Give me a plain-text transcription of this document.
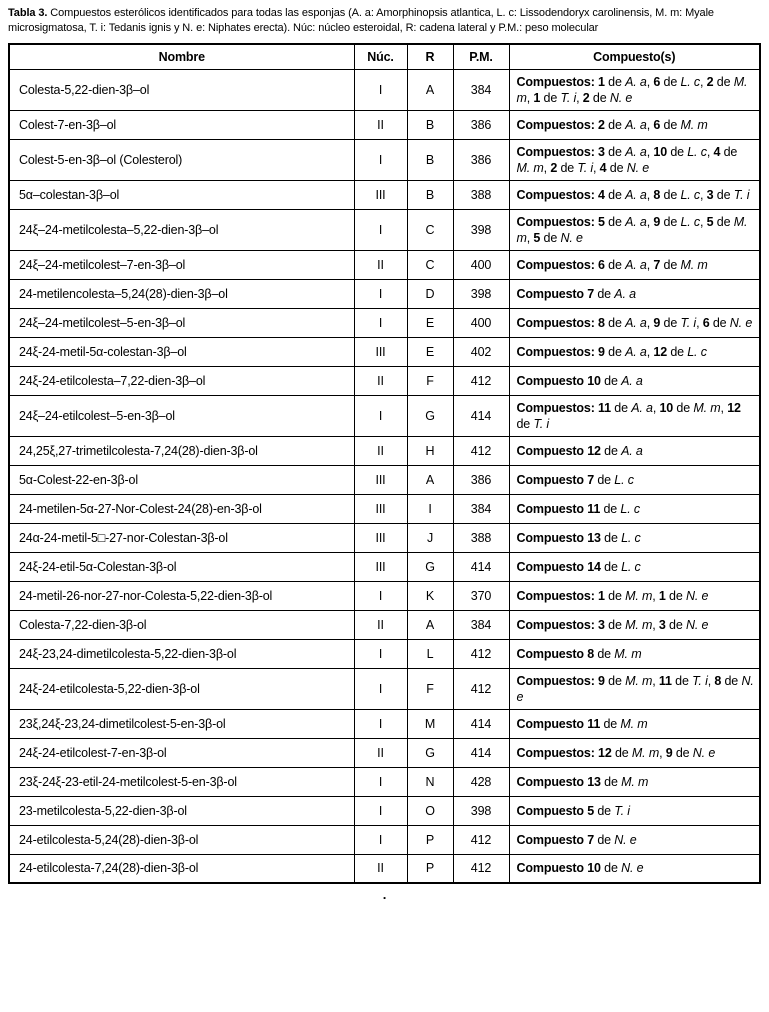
Tabla 3. Compuestos esterólicos identificados para todas las esponjas (A. a: Amorphinopsis atlantica, L. c: Lissodendoryx carolinensis, M. m: Myale microsigmatosa, T. i: Tedanis ignis y N. e: Niphates erecta). Núc: núcleo esteroidal, R: cadena lateral y P.M.: peso molecular

Nombre	Núc.	R	P.M.	Compuesto(s)
Colesta-5,22-dien-3β–ol	I	A	384	Compuestos: 1 de A. a, 6 de L. c, 2 de M. m, 1 de T. i, 2 de N. e
Colest-7-en-3β–ol	II	B	386	Compuestos: 2 de A. a, 6 de M. m
Colest-5-en-3β–ol (Colesterol)	I	B	386	Compuestos: 3 de A. a, 10 de L. c, 4 de M. m, 2 de T. i, 4 de N. e
5α–colestan-3β–ol	III	B	388	Compuestos: 4 de A. a, 8 de L. c, 3 de T. i
24ξ–24-metilcolesta–5,22-dien-3β–ol	I	C	398	Compuestos: 5 de A. a, 9 de L. c, 5 de M. m, 5 de N. e
24ξ–24-metilcolest–7-en-3β–ol	II	C	400	Compuestos: 6 de A. a, 7 de M. m
24-metilencolesta–5,24(28)-dien-3β–ol	I	D	398	Compuesto 7 de A. a
24ξ–24-metilcolest–5-en-3β–ol	I	E	400	Compuestos: 8 de A. a, 9 de T. i, 6 de N. e
24ξ-24-metil-5α-colestan-3β–ol	III	E	402	Compuestos: 9 de A. a, 12 de L. c
24ξ-24-etilcolesta–7,22-dien-3β–ol	II	F	412	Compuesto 10 de A. a
24ξ–24-etilcolest–5-en-3β–ol	I	G	414	Compuestos: 11 de A. a, 10 de M. m, 12 de T. i
24,25ξ,27-trimetilcolesta-7,24(28)-dien-3β-ol	II	H	412	Compuesto 12 de A. a
5α-Colest-22-en-3β-ol	III	A	386	Compuesto 7 de L. c
24-metilen-5α-27-Nor-Colest-24(28)-en-3β-ol	III	I	384	Compuesto 11 de L. c
24α-24-metil-5□-27-nor-Colestan-3β-ol	III	J	388	Compuesto 13 de L. c
24ξ-24-etil-5α-Colestan-3β-ol	III	G	414	Compuesto 14 de L. c
24-metil-26-nor-27-nor-Colesta-5,22-dien-3β-ol	I	K	370	Compuestos: 1 de M. m, 1 de N. e
Colesta-7,22-dien-3β-ol	II	A	384	Compuestos: 3 de M. m, 3 de N. e
24ξ-23,24-dimetilcolesta-5,22-dien-3β-ol	I	L	412	Compuesto 8 de M. m
24ξ-24-etilcolesta-5,22-dien-3β-ol	I	F	412	Compuestos: 9 de M. m, 11 de T. i, 8 de N. e
23ξ,24ξ-23,24-dimetilcolest-5-en-3β-ol	I	M	414	Compuesto 11 de M. m
24ξ-24-etilcolest-7-en-3β-ol	II	G	414	Compuestos: 12 de M. m, 9 de N. e
23ξ-24ξ-23-etil-24-metilcolest-5-en-3β-ol	I	N	428	Compuesto 13 de M. m
23-metilcolesta-5,22-dien-3β-ol	I	O	398	Compuesto 5 de T. i
24-etilcolesta-5,24(28)-dien-3β-ol	I	P	412	Compuesto 7 de N. e
24-etilcolesta-7,24(28)-dien-3β-ol	II	P	412	Compuesto 10 de N. e
.
